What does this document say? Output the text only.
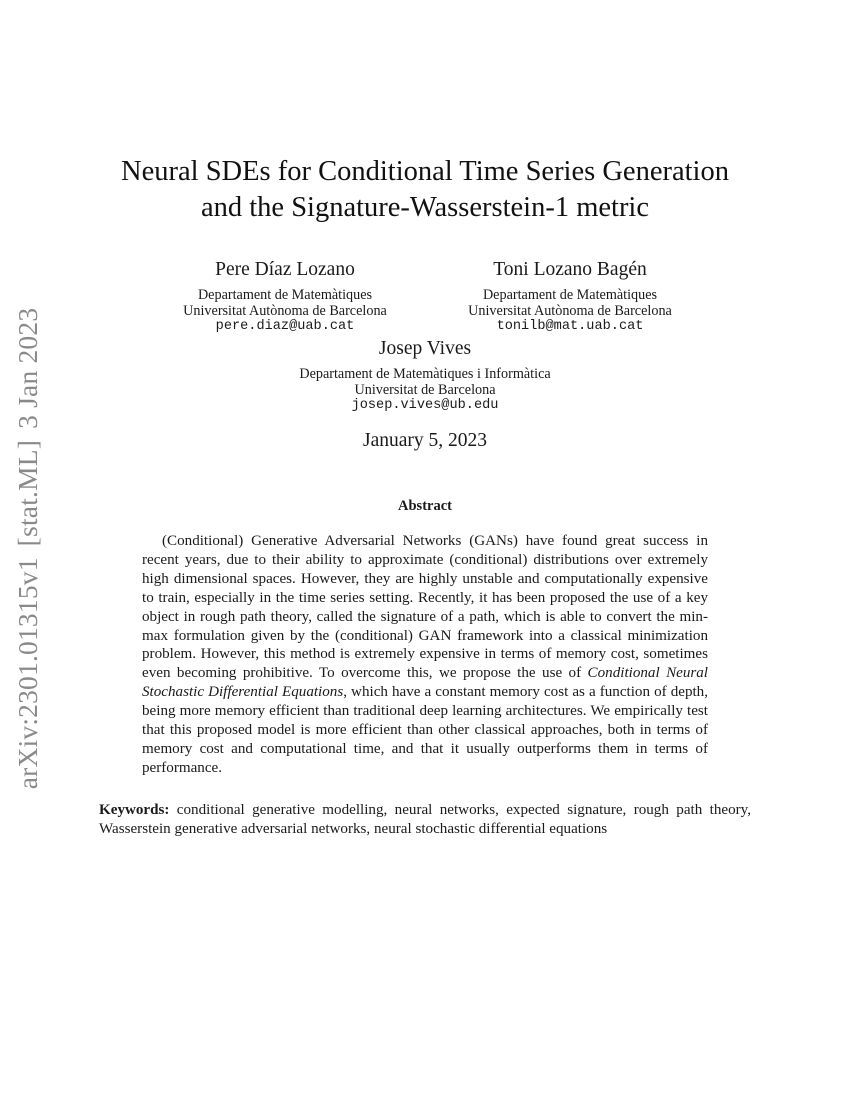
arXiv:2301.01315v1[stat.ML]3 Jan 2023
Neural SDEs for Conditional Time Series Generation
and the Signature-Wasserstein-1 metric
Pere Díaz Lozano
Departament de Matemàtiques
Universitat Autònoma de Barcelona
pere.diaz@uab.cat
Toni Lozano Bagén
Departament de Matemàtiques
Universitat Autònoma de Barcelona
tonilb@mat.uab.cat
Josep Vives
Departament de Matemàtiques i Informàtica
Universitat de Barcelona
josep.vives@ub.edu
January 5, 2023
Abstract
(Conditional) Generative Adversarial Networks (GANs) have found great success in recent years, due to their ability to approximate (conditional) distributions over extremely high dimensional spaces. However, they are highly unstable and computationally expensive to train, especially in the time series setting. Recently, it has been proposed the use of a key object in rough path theory, called the signature of a path, which is able to convert the min-max formulation given by the (conditional) GAN framework into a classical minimization problem. However, this method is extremely expensive in terms of memory cost, sometimes even becoming prohibitive. To overcome this, we propose the use of Conditional Neural Stochastic Differential Equations, which have a constant memory cost as a function of depth, being more memory efficient than traditional deep learning architectures. We empirically test that this proposed model is more efficient than other classical approaches, both in terms of memory cost and computational time, and that it usually outperforms them in terms of performance.
Keywords: conditional generative modelling, neural networks, expected signature, rough path theory, Wasserstein generative adversarial networks, neural stochastic differential equations
